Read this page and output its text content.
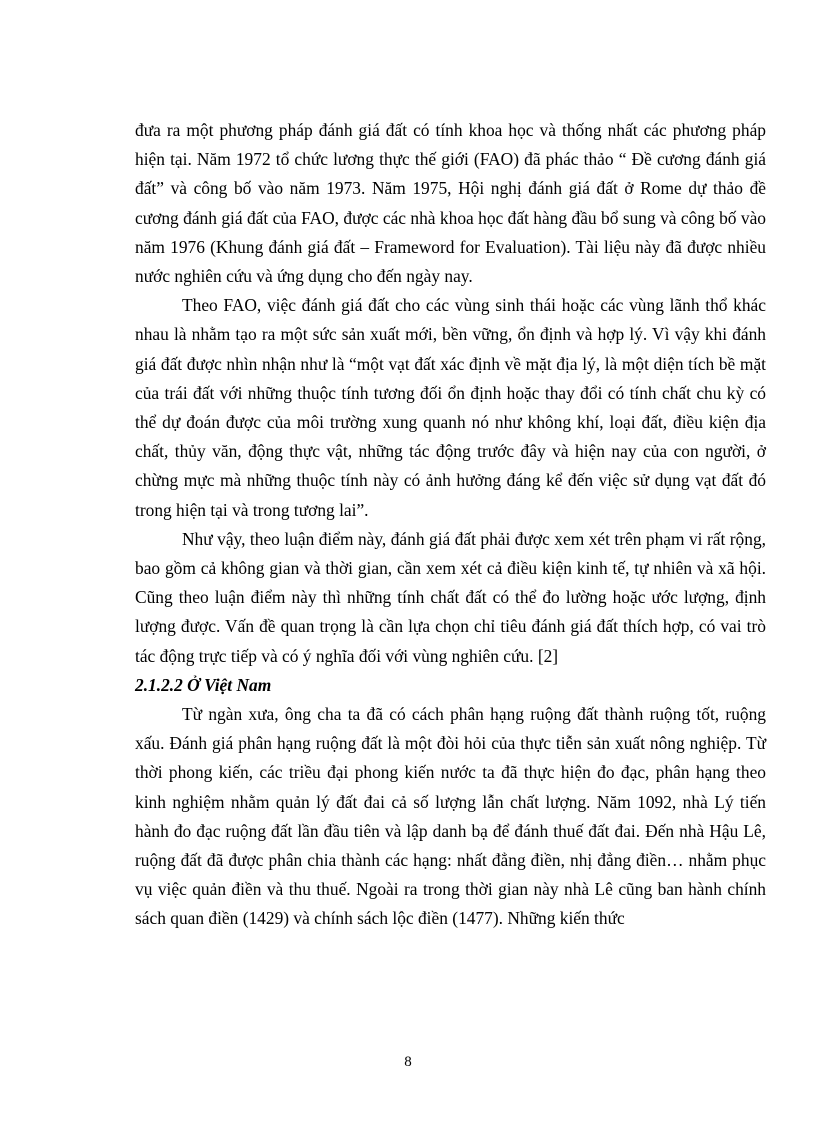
đưa ra một phương pháp đánh giá đất có tính khoa học và thống nhất các phương pháp hiện tại. Năm 1972 tổ chức lương thực thế giới (FAO) đã phác thảo “ Đề cương đánh giá đất” và công bố vào năm 1973. Năm 1975, Hội nghị đánh giá đất ở Rome dự thảo đề cương đánh giá đất của FAO, được các nhà khoa học đất hàng đầu bổ sung và công bố vào năm 1976 (Khung đánh giá đất – Frameword for Evaluation). Tài liệu này đã được nhiều nước nghiên cứu và ứng dụng cho đến ngày nay.

Theo FAO, việc đánh giá đất cho các vùng sinh thái hoặc các vùng lãnh thổ khác nhau là nhằm tạo ra một sức sản xuất mới, bền vững, ổn định và hợp lý. Vì vậy khi đánh giá đất được nhìn nhận như là “một vạt đất xác định về mặt địa lý, là một diện tích bề mặt của trái đất với những thuộc tính tương đối ổn định hoặc thay đổi có tính chất chu kỳ có thể dự đoán được của môi trường xung quanh nó như không khí, loại đất, điều kiện địa chất, thủy văn, động thực vật, những tác động trước đây và hiện nay của con người, ở chừng mực mà những thuộc tính này có ảnh hưởng đáng kể đến việc sử dụng vạt đất đó trong hiện tại và trong tương lai”.

Như vậy, theo luận điểm này, đánh giá đất phải được xem xét trên phạm vi rất rộng, bao gồm cả không gian và thời gian, cần xem xét cả điều kiện kinh tế, tự nhiên và xã hội. Cũng theo luận điểm này thì những tính chất đất có thể đo lường hoặc ước lượng, định lượng được. Vấn đề quan trọng là cần lựa chọn chỉ tiêu đánh giá đất thích hợp, có vai trò tác động trực tiếp và có ý nghĩa đối với vùng nghiên cứu. [2]

2.1.2.2 Ở Việt Nam

Từ ngàn xưa, ông cha ta đã có cách phân hạng ruộng đất thành ruộng tốt, ruộng xấu. Đánh giá phân hạng ruộng đất là một đòi hỏi của thực tiễn sản xuất nông nghiệp. Từ thời phong kiến, các triều đại phong kiến nước ta đã thực hiện đo đạc, phân hạng theo kinh nghiệm nhằm quản lý đất đai cả số lượng lẫn chất lượng. Năm 1092, nhà Lý tiến hành đo đạc ruộng đất lần đầu tiên và lập danh bạ để đánh thuế đất đai. Đến nhà Hậu Lê, ruộng đất đã được phân chia thành các hạng: nhất đẳng điền, nhị đẳng điền… nhằm phục vụ việc quản điền và thu thuế. Ngoài ra trong thời gian này nhà Lê cũng ban hành chính sách quan điền (1429) và chính sách lộc điền (1477). Những kiến thức

8
